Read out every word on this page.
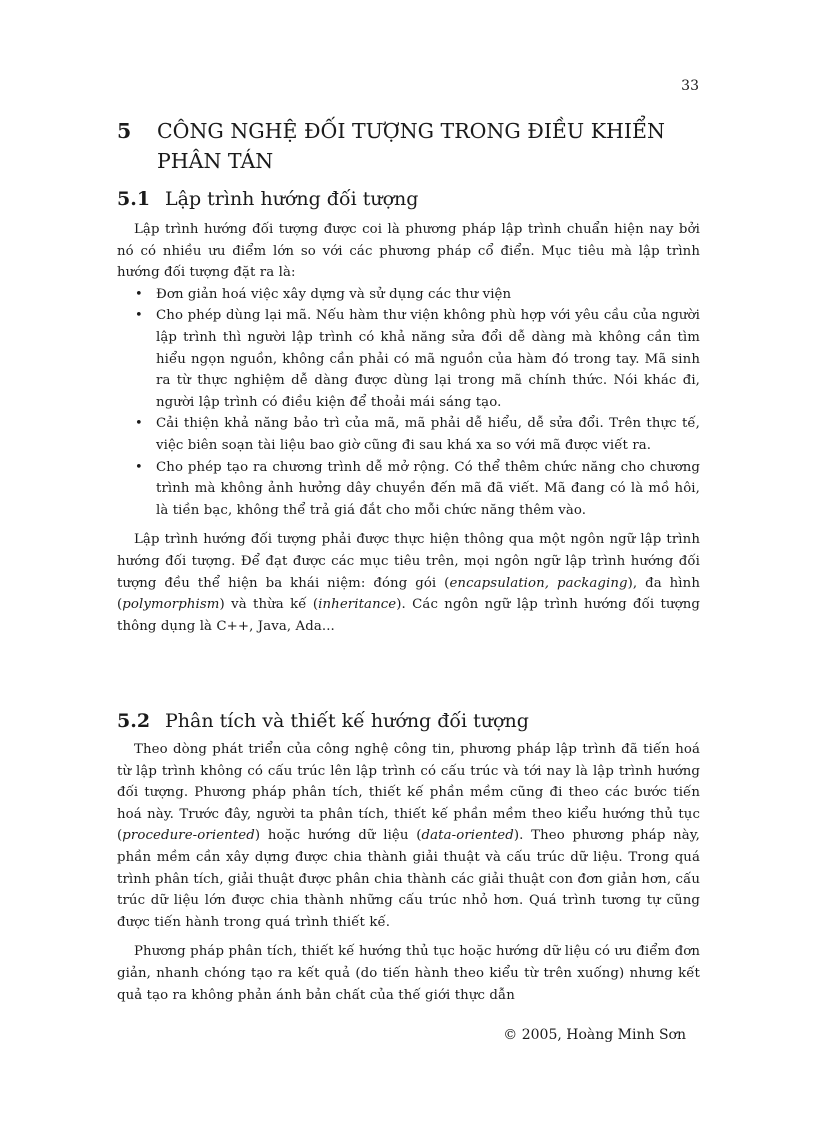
33
5	CÔNG NGHỆ ĐỐI TƯỢNG TRONG ĐIỀU KHIỂN PHÂN TÁN
5.1 Lập trình hướng đối tượng

Lập trình hướng đối tượng được coi là phương pháp lập trình chuẩn hiện nay bởi nó có nhiều ưu điểm lớn so với các phương pháp cổ điển. Mục tiêu mà lập trình hướng đối tượng đặt ra là:

• Đơn giản hoá việc xây dựng và sử dụng các thư viện
• Cho phép dùng lại mã. Nếu hàm thư viện không phù hợp với yêu cầu của người lập trình thì người lập trình có khả năng sửa đổi dễ dàng mà không cần tìm hiểu ngọn nguồn, không cần phải có mã nguồn của hàm đó trong tay. Mã sinh ra từ thực nghiệm dễ dàng được dùng lại trong mã chính thức. Nói khác đi, người lập trình có điều kiện để thoải mái sáng tạo.
• Cải thiện khả năng bảo trì của mã, mã phải dễ hiểu, dễ sửa đổi. Trên thực tế, việc biên soạn tài liệu bao giờ cũng đi sau khá xa so với mã được viết ra.
• Cho phép tạo ra chương trình dễ mở rộng. Có thể thêm chức năng cho chương trình mà không ảnh hưởng dây chuyền đến mã đã viết. Mã đang có là mồ hôi, là tiền bạc, không thể trả giá đắt cho mỗi chức năng thêm vào.

Lập trình hướng đối tượng phải được thực hiện thông qua một ngôn ngữ lập trình hướng đối tượng. Để đạt được các mục tiêu trên, mọi ngôn ngữ lập trình hướng đối tượng đều thể hiện ba khái niệm: đóng gói (encapsulation, packaging), đa hình (polymorphism) và thừa kế (inheritance). Các ngôn ngữ lập trình hướng đối tượng thông dụng là C++, Java, Ada...

5.2 Phân tích và thiết kế hướng đối tượng

Theo dòng phát triển của công nghệ công tin, phương pháp lập trình đã tiến hoá từ lập trình không có cấu trúc lên lập trình có cấu trúc và tới nay là lập trình hướng đối tượng. Phương pháp phân tích, thiết kế phần mềm cũng đi theo các bước tiến hoá này. Trước đây, người ta phân tích, thiết kế phần mềm theo kiểu hướng thủ tục (procedure-oriented) hoặc hướng dữ liệu (data-oriented). Theo phương pháp này, phần mềm cần xây dựng được chia thành giải thuật và cấu trúc dữ liệu. Trong quá trình phân tích, giải thuật được phân chia thành các giải thuật con đơn giản hơn, cấu trúc dữ liệu lớn được chia thành những cấu trúc nhỏ hơn. Quá trình tương tự cũng được tiến hành trong quá trình thiết kế.

Phương pháp phân tích, thiết kế hướng thủ tục hoặc hướng dữ liệu có ưu điểm đơn giản, nhanh chóng tạo ra kết quả (do tiến hành theo kiểu từ trên xuống) nhưng kết quả tạo ra không phản ánh bản chất của thế giới thực dẫn

© 2005, Hoàng Minh Sơn
